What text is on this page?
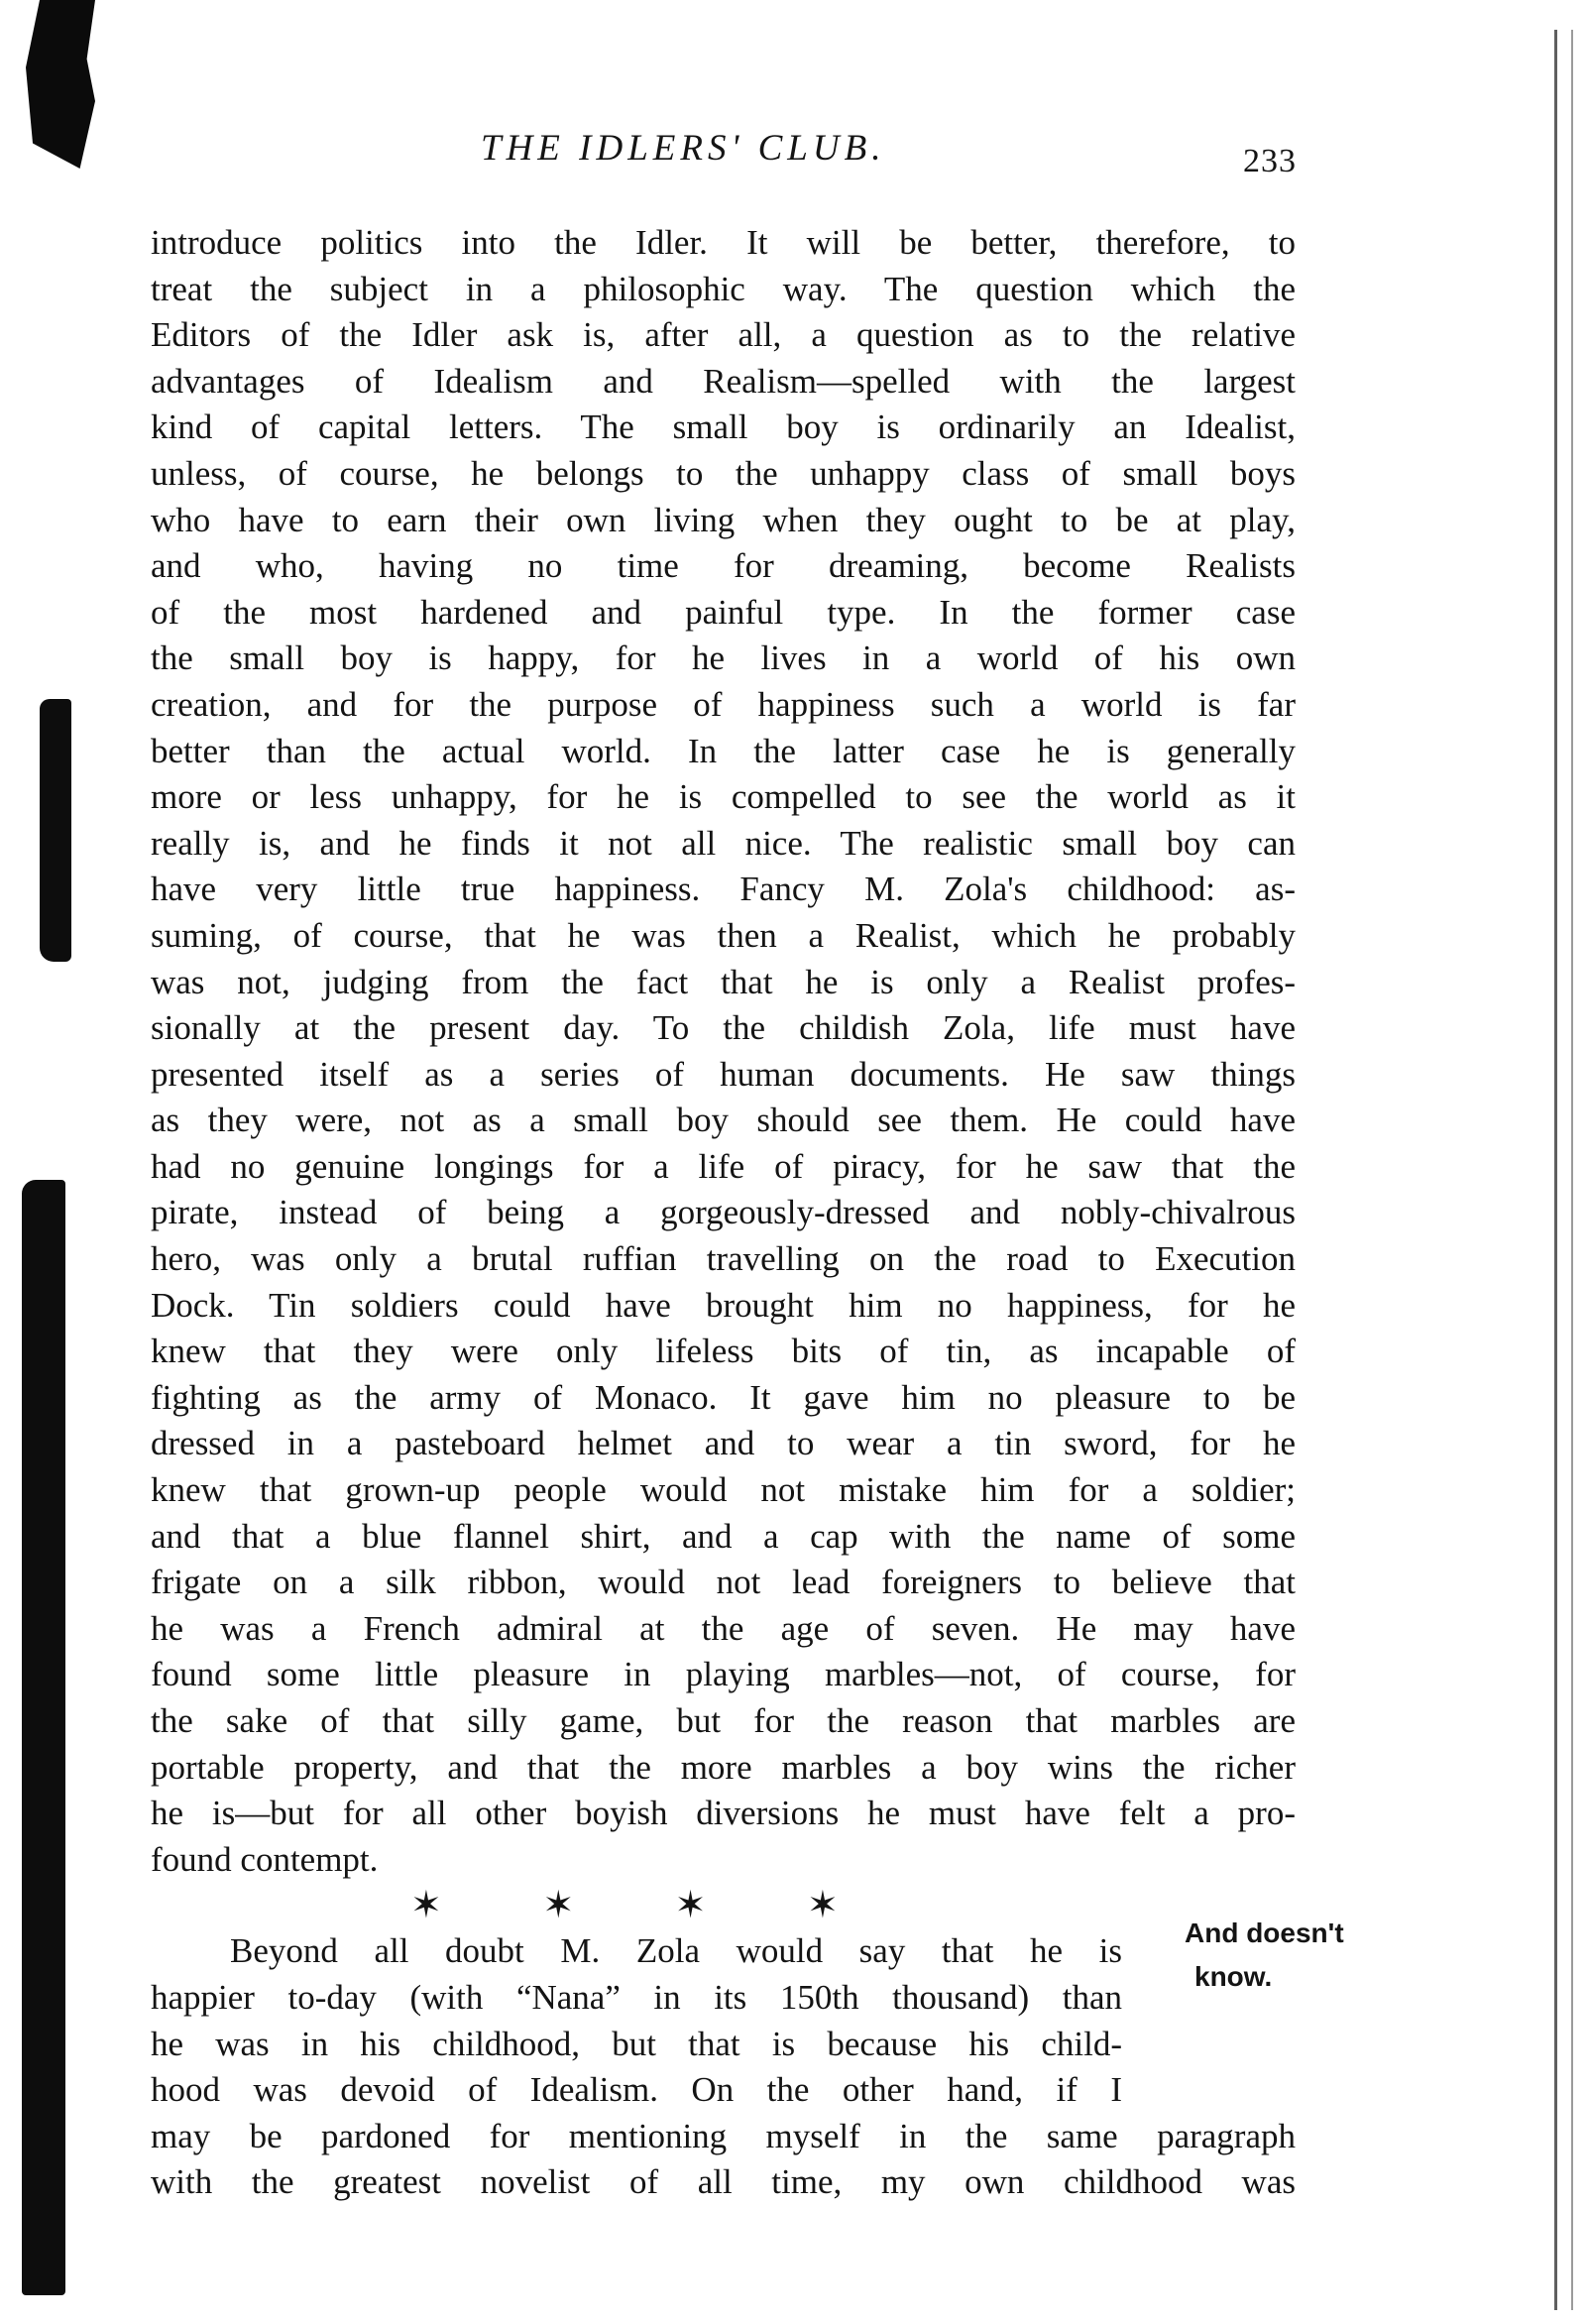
THE IDLERS' CLUB.	233
introduce politics into the Idler. It will be better, therefore, to
treat the subject in a philosophic way. The question which the
Editors of the Idler ask is, after all, a question as to the relative
advantages of Idealism and Realism—spelled with the largest
kind of capital letters. The small boy is ordinarily an Idealist,
unless, of course, he belongs to the unhappy class of small boys
who have to earn their own living when they ought to be at play,
and who, having no time for dreaming, become Realists
of the most hardened and painful type. In the former case
the small boy is happy, for he lives in a world of his own
creation, and for the purpose of happiness such a world is far
better than the actual world. In the latter case he is generally
more or less unhappy, for he is compelled to see the world as it
really is, and he finds it not all nice. The realistic small boy can
have very little true happiness. Fancy M. Zola's childhood: as-
suming, of course, that he was then a Realist, which he probably
was not, judging from the fact that he is only a Realist profes-
sionally at the present day. To the childish Zola, life must have
presented itself as a series of human documents. He saw things
as they were, not as a small boy should see them. He could have
had no genuine longings for a life of piracy, for he saw that the
pirate, instead of being a gorgeously-dressed and nobly-chivalrous
hero, was only a brutal ruffian travelling on the road to Execution
Dock. Tin soldiers could have brought him no happiness, for he
knew that they were only lifeless bits of tin, as incapable of
fighting as the army of Monaco. It gave him no pleasure to be
dressed in a pasteboard helmet and to wear a tin sword, for he
knew that grown-up people would not mistake him for a soldier;
and that a blue flannel shirt, and a cap with the name of some
frigate on a silk ribbon, would not lead foreigners to believe that
he was a French admiral at the age of seven. He may have
found some little pleasure in playing marbles—not, of course, for
the sake of that silly game, but for the reason that marbles are
portable property, and that the more marbles a boy wins the richer
he is—but for all other boyish diversions he must have felt a pro-
found contempt.
✶ ✶ ✶ ✶
Beyond all doubt M. Zola would say that he is
happier to-day (with “Nana” in its 150th thousand) than
he was in his childhood, but that is because his child-
hood was devoid of Idealism. On the other hand, if I
may be pardoned for mentioning myself in the same paragraph
with the greatest novelist of all time, my own childhood was
And doesn't
know.
